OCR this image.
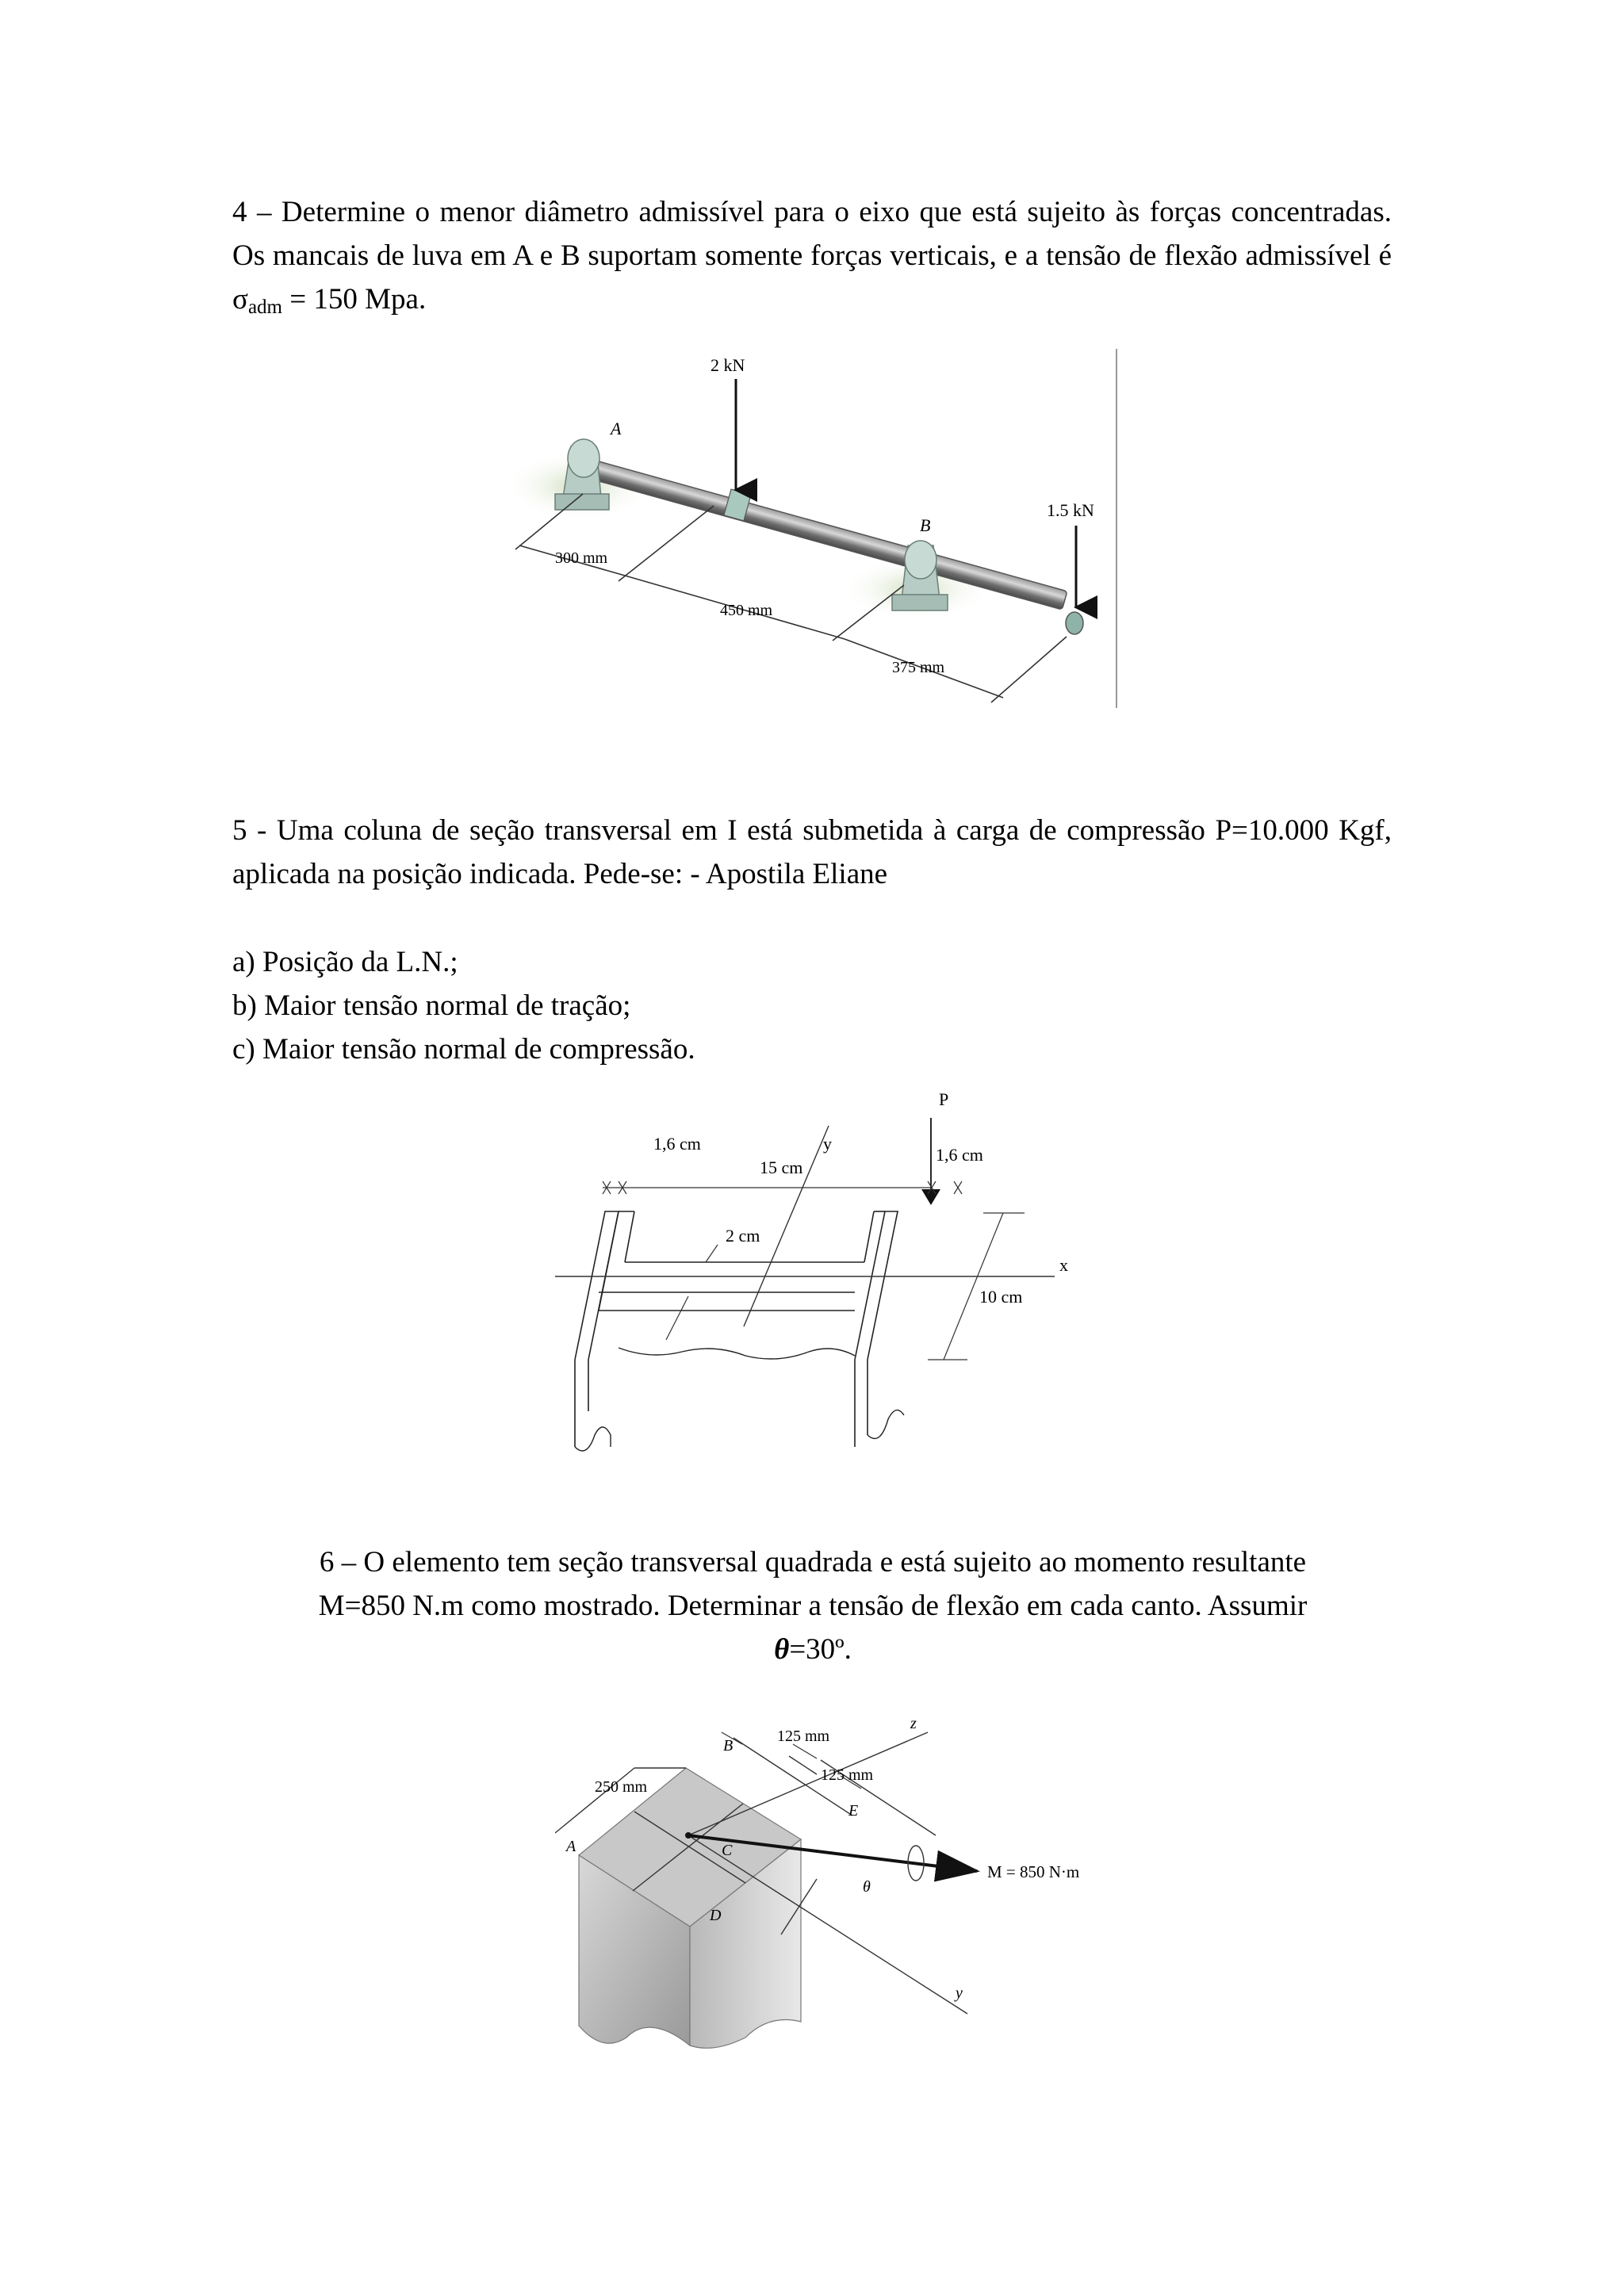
4 – Determine o menor diâmetro admissível para o eixo que está sujeito às forças concentradas. Os mancais de luva em A e B suportam somente forças verticais, e a tensão de flexão admissível é $\sigma_{adm} = 150$ Mpa.
2 kN
1.5 kN
A
B
300 mm
450 mm
375 mm
5 - Uma coluna de seção transversal em I está submetida à carga de compressão P=10.000 Kgf, aplicada na posição indicada. Pede-se: - Apostila Eliane
a) Posição da L.N.;
b) Maior tensão normal de tração;
c) Maior tensão normal de compressão.
x
y
P
1,6 cm
15 cm
1,6 cm
2 cm
10 cm
6 – O elemento tem seção transversal quadrada e está sujeito ao momento resultante
M=850 N.m como mostrado. Determinar a tensão de flexão em cada canto. Assumir
θ=30º.
250 mm
125 mm
125 mm
A
B
C
D
E
z
y
θ
M = 850 N·m
